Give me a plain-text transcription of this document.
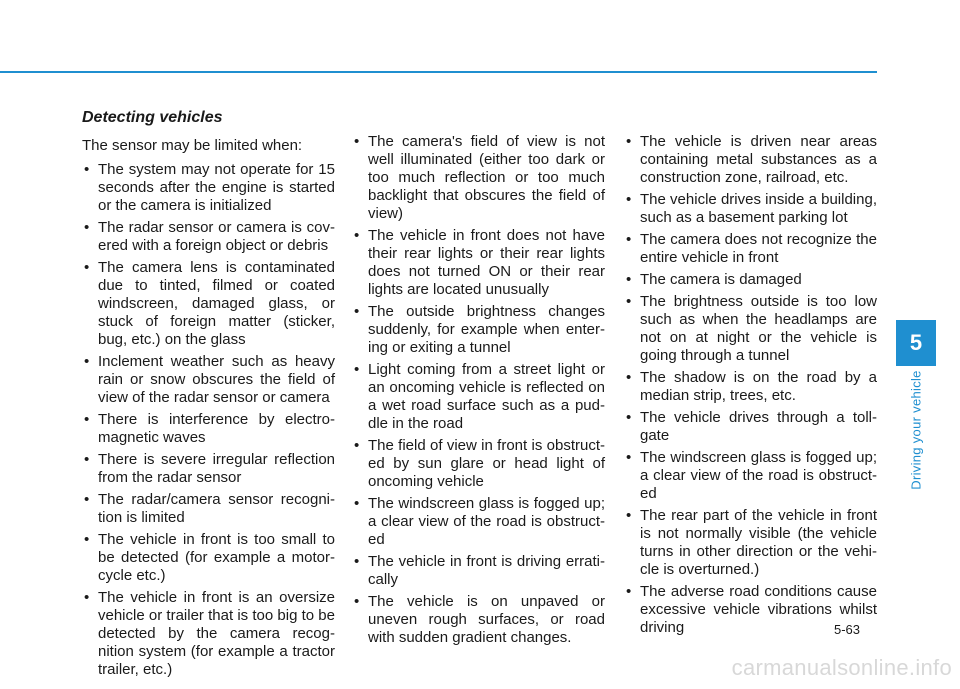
Detecting vehicles
The sensor may be limited when:
• The system may not operate for 15 seconds after the engine is started or the camera is initialized
• The radar sensor or camera is cov-ered with a foreign object or debris
• The camera lens is contaminated due to tinted, filmed or coated windscreen, damaged glass, or stuck of foreign matter (sticker, bug, etc.) on the glass
• Inclement weather such as heavy rain or snow obscures the field of view of the radar sensor or camera
• There is interference by electro-magnetic waves
• There is severe irregular reflection from the radar sensor
• The radar/camera sensor recogni-tion is limited
• The vehicle in front is too small to be detected (for example a motor-cycle etc.)
• The vehicle in front is an oversize vehicle or trailer that is too big to be detected by the camera recog-nition system (for example a tractor trailer, etc.)
• The camera's field of view is not well illuminated (either too dark or too much reflection or too much backlight that obscures the field of view)
• The vehicle in front does not have their rear lights or their rear lights does not turned ON or their rear lights are located unusually
• The outside brightness changes suddenly, for example when enter-ing or exiting a tunnel
• Light coming from a street light or an oncoming vehicle is reflected on a wet road surface such as a pud-dle in the road
• The field of view in front is obstruct-ed by sun glare or head light of oncoming vehicle
• The windscreen glass is fogged up; a clear view of the road is obstruct-ed
• The vehicle in front is driving errati-cally
• The vehicle is on unpaved or uneven rough surfaces, or road with sudden gradient changes.
• The vehicle is driven near areas containing metal substances as a construction zone, railroad, etc.
• The vehicle drives inside a building, such as a basement parking lot
• The camera does not recognize the entire vehicle in front
• The camera is damaged
• The brightness outside is too low such as when the headlamps are not on at night or the vehicle is going through a tunnel
• The shadow is on the road by a median strip, trees, etc.
• The vehicle drives through a toll-gate
• The windscreen glass is fogged up; a clear view of the road is obstruct-ed
• The rear part of the vehicle in front is not normally visible (the vehicle turns in other direction or the vehi-cle is overturned.)
• The adverse road conditions cause excessive vehicle vibrations whilst driving
5
Driving your vehicle
5-63
carmanualsonline.info
